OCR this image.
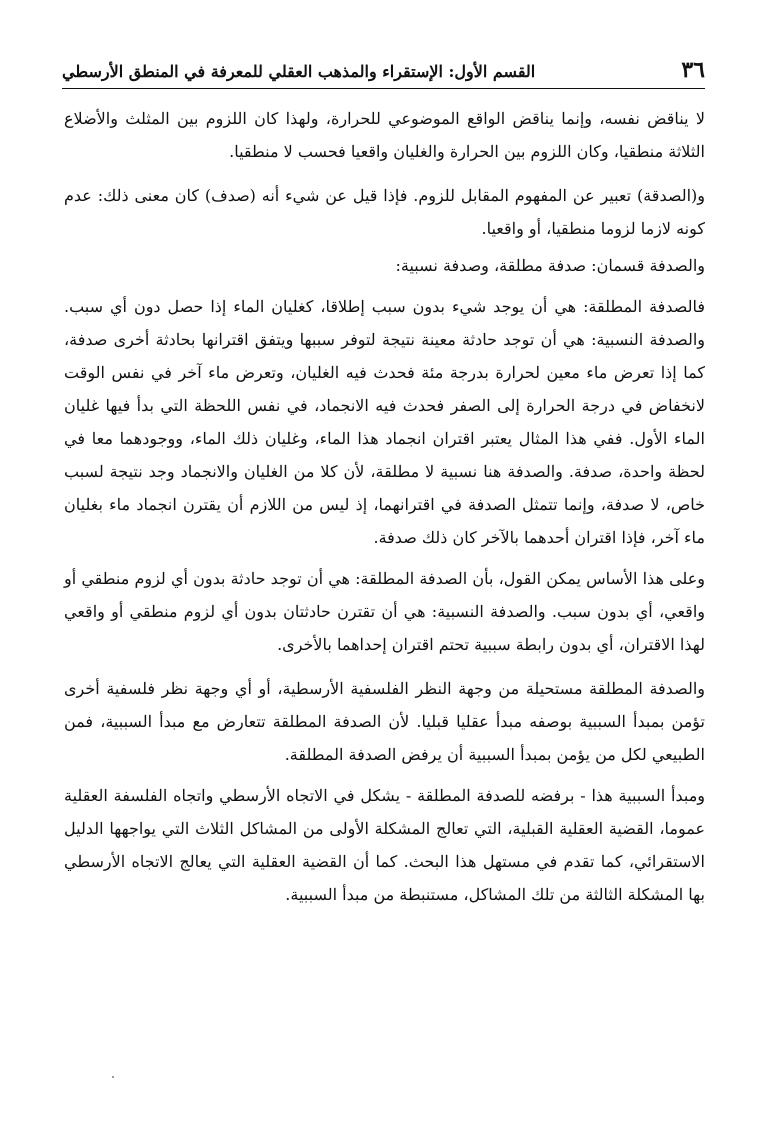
٣٦
القسم الأول: الإستقراء والمذهب العقلي للمعرفة في المنطق الأرسطي

لا يناقض نفسه، وإنما يناقض الواقع الموضوعي للحرارة، ولهذا كان اللزوم بين المثلث والأضلاع الثلاثة منطقيا، وكان اللزوم بين الحرارة والغليان واقعيا فحسب لا منطقيا.

و(الصدقة) تعبير عن المفهوم المقابل للزوم. فإذا قيل عن شيء أنه (صدف) كان معنى ذلك: عدم كونه لازما لزوما منطقيا، أو واقعيا.

والصدفة قسمان: صدفة مطلقة، وصدفة نسبية:

فالصدفة المطلقة: هي أن يوجد شيء بدون سبب إطلاقا، كغليان الماء إذا حصل دون أي سبب. والصدفة النسبية: هي أن توجد حادثة معينة نتيجة لتوفر سببها ويتفق اقترانها بحادثة أخرى صدفة، كما إذا تعرض ماء معين لحرارة بدرجة مئة فحدث فيه الغليان، وتعرض ماء آخر في نفس الوقت لانخفاض في درجة الحرارة إلى الصفر فحدث فيه الانجماد، في نفس اللحظة التي بدأ فيها غليان الماء الأول. ففي هذا المثال يعتبر اقتران انجماد هذا الماء، وغليان ذلك الماء، ووجودهما معا في لحظة واحدة، صدفة. والصدفة هنا نسبية لا مطلقة، لأن كلا من الغليان والانجماد وجد نتيجة لسبب خاص، لا صدفة، وإنما تتمثل الصدفة في اقترانهما، إذ ليس من اللازم أن يقترن انجماد ماء بغليان ماء آخر، فإذا اقتران أحدهما بالآخر كان ذلك صدفة.

وعلى هذا الأساس يمكن القول، بأن الصدفة المطلقة: هي أن توجد حادثة بدون أي لزوم منطقي أو واقعي، أي بدون سبب. والصدفة النسبية: هي أن تقترن حادثتان بدون أي لزوم منطقي أو واقعي لهذا الاقتران، أي بدون رابطة سببية تحتم اقتران إحداهما بالأخرى.

والصدفة المطلقة مستحيلة من وجهة النظر الفلسفية الأرسطية، أو أي وجهة نظر فلسفية أخرى تؤمن بمبدأ السببية بوصفه مبدأ عقليا قبليا. لأن الصدفة المطلقة تتعارض مع مبدأ السببية، فمن الطبيعي لكل من يؤمن بمبدأ السببية أن يرفض الصدفة المطلقة.

ومبدأ السببية هذا - برفضه للصدفة المطلقة - يشكل في الاتجاه الأرسطي واتجاه الفلسفة العقلية عموما، القضية العقلية القبلية، التي تعالج المشكلة الأولى من المشاكل الثلاث التي يواجهها الدليل الاستقرائي، كما تقدم في مستهل هذا البحث. كما أن القضية العقلية التي يعالج الاتجاه الأرسطي بها المشكلة الثالثة من تلك المشاكل، مستنبطة من مبدأ السببية.
